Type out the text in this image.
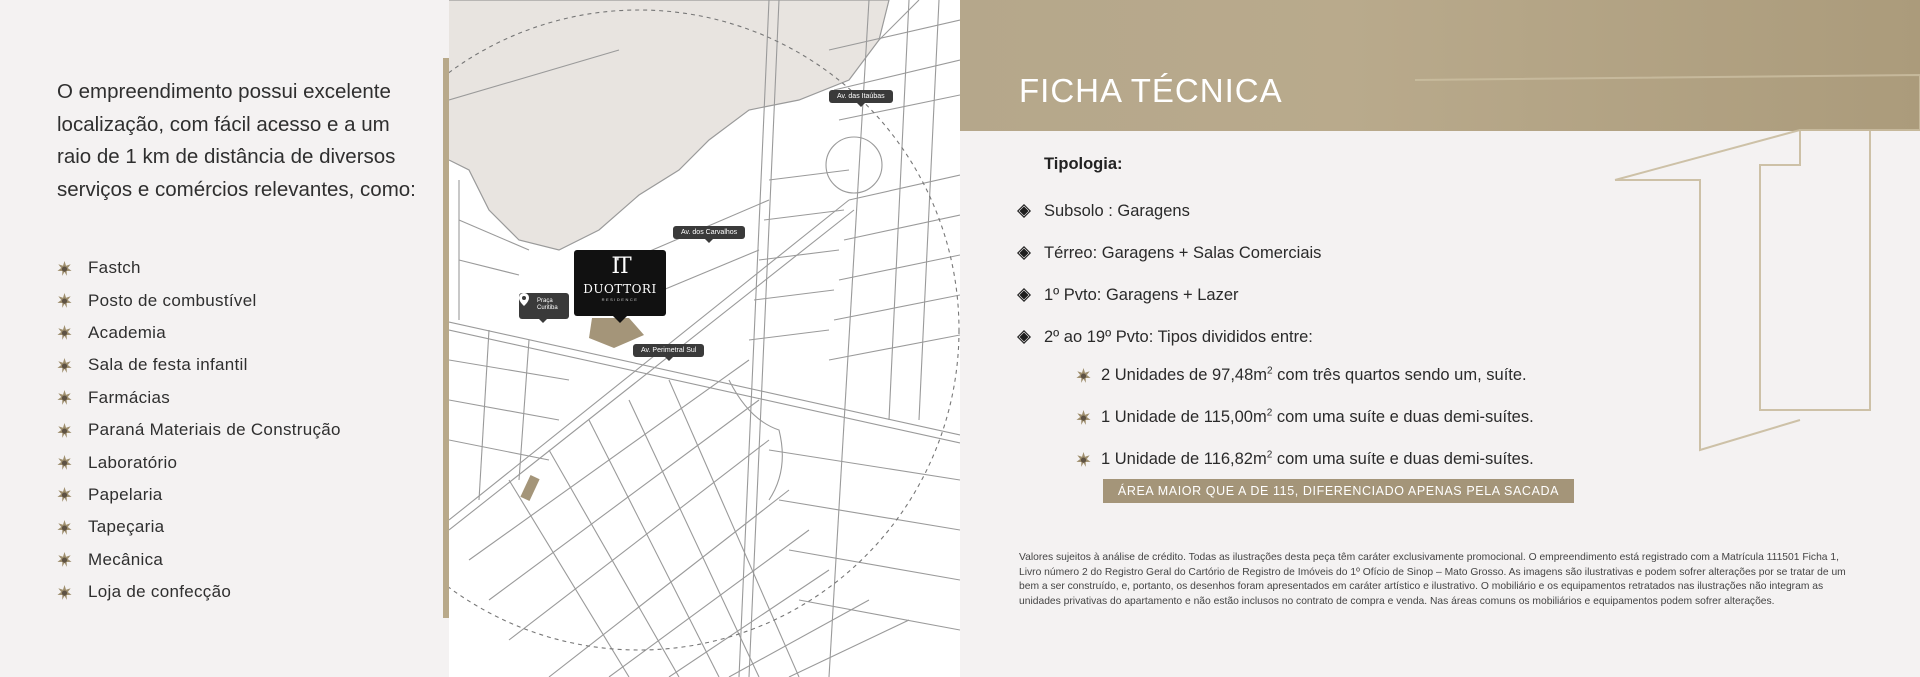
O empreendimento possui excelente localização, com fácil acesso e a um raio de 1 km de distância de diversos serviços e comércios relevantes, como:

Fastch
Posto de combustível
Academia
Sala de festa infantil
Farmácias
Paraná Materiais de Construção
Laboratório
Papelaria
Tapeçaria
Mecânica
Loja de confecção
Av. das Itaúbas
Av. dos Carvalhos
Av. Perimetral Sul
Praça
Curitiba
IT
DUOTTORI
RESIDENCE
FICHA TÉCNICA
Tipologia:
Subsolo : Garagens
Térreo: Garagens + Salas Comerciais
1º Pvto: Garagens + Lazer
2º ao 19º Pvto: Tipos divididos entre:
2 Unidades de $97,48m^2$ com três quartos sendo um, suíte.
1 Unidade de $115,00m^2$ com uma suíte e duas demi-suítes.
1 Unidade de $116,82m^2$ com uma suíte e duas demi-suítes.
ÁREA MAIOR QUE A DE 115, DIFERENCIADO APENAS PELA SACADA

Valores sujeitos à análise de crédito. Todas as ilustrações desta peça têm caráter exclusivamente promocional. O empreendimento está registrado com a Matrícula 111501 Ficha 1, Livro número 2 do Registro Geral do Cartório de Registro de Imóveis do 1º Ofício de Sinop – Mato Grosso. As imagens são ilustrativas e podem sofrer alterações por se tratar de um bem a ser construído, e, portanto, os desenhos foram apresentados em caráter artístico e ilustrativo. O mobiliário e os equipamentos retratados nas ilustrações não integram as unidades privativas do apartamento e não estão inclusos no contrato de compra e venda. Nas áreas comuns os mobiliários e equipamentos podem sofrer alterações.
